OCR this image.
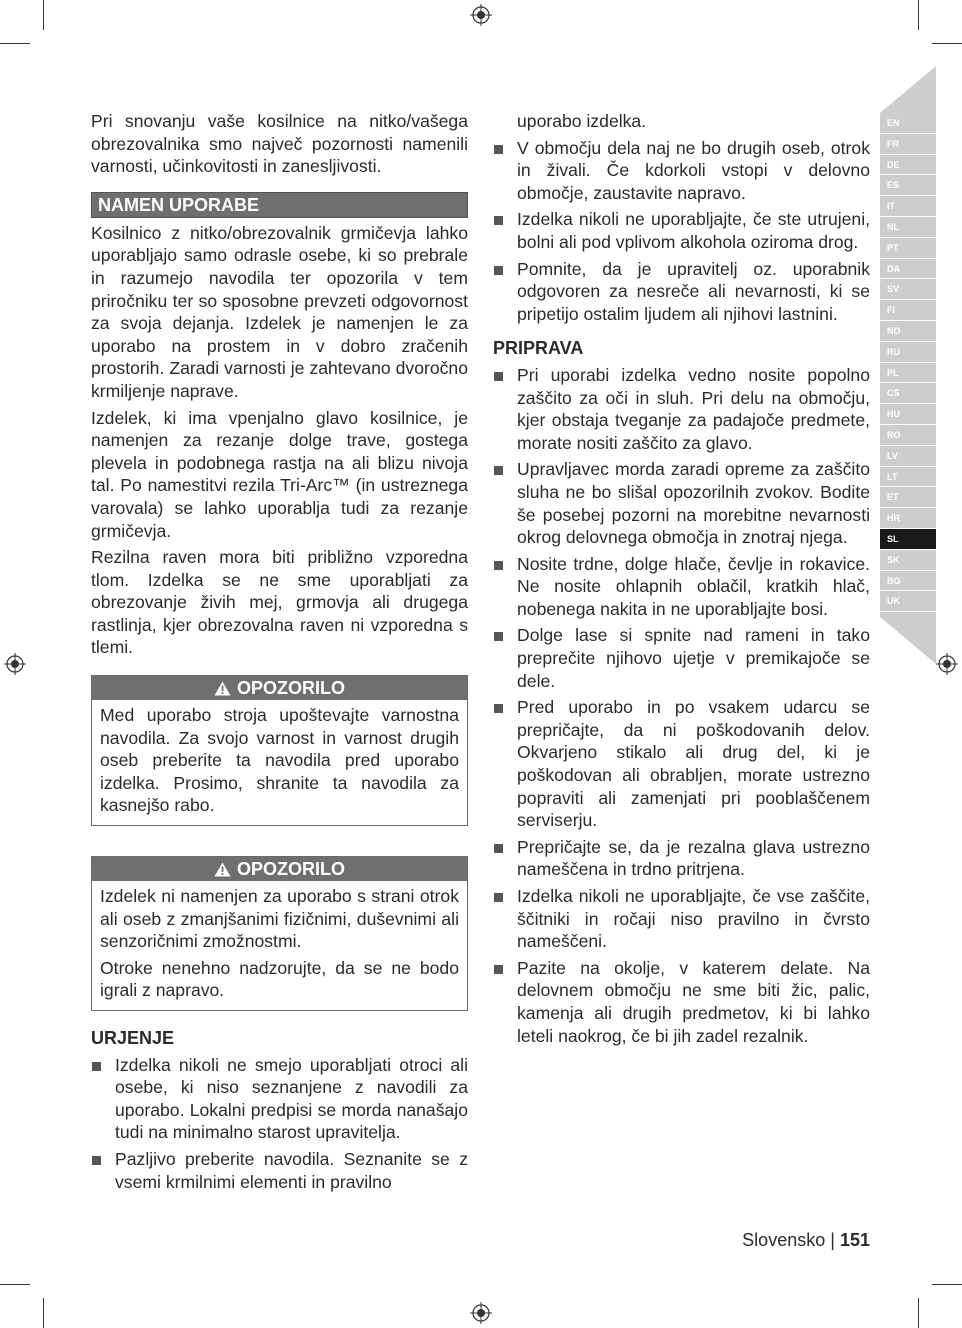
EN
FR
DE
ES
IT
NL
PT
DA
SV
FI
NO
RU
PL
CS
HU
RO
LV
LT
ET
HR
SL
SK
BG
UK

Pri snovanju vaše kosilnice na nitko/vašega obrezovalnika smo največ pozornosti namenili varnosti, učinkovitosti in zanesljivosti.

NAMEN UPORABE

Kosilnico z nitko/obrezovalnik grmičevja lahko uporabljajo samo odrasle osebe, ki so prebrale in razumejo navodila ter opozorila v tem priročniku ter so sposobne prevzeti odgovornost za svoja dejanja. Izdelek je namenjen le za uporabo na prostem in v dobro zračenih prostorih. Zaradi varnosti je zahtevano dvoročno krmiljenje naprave.

Izdelek, ki ima vpenjalno glavo kosilnice, je namenjen za rezanje dolge trave, gostega plevela in podobnega rastja na ali blizu nivoja tal. Po namestitvi rezila Tri-Arc™ (in ustreznega varovala) se lahko uporablja tudi za rezanje grmičevja.

Rezilna raven mora biti približno vzporedna tlom. Izdelka se ne sme uporabljati za obrezovanje živih mej, grmovja ali drugega rastlinja, kjer obrezovalna raven ni vzporedna s tlemi.

OPOZORILO

Med uporabo stroja upoštevajte varnostna navodila. Za svojo varnost in varnost drugih oseb preberite ta navodila pred uporabo izdelka. Prosimo, shranite ta navodila za kasnejšo rabo.

OPOZORILO

Izdelek ni namenjen za uporabo s strani otrok ali oseb z zmanjšanimi fizičnimi, duševnimi ali senzoričnimi zmožnostmi.

Otroke nenehno nadzorujte, da se ne bodo igrali z napravo.

URJENJE
Izdelka nikoli ne smejo uporabljati otroci ali osebe, ki niso seznanjene z navodili za uporabo. Lokalni predpisi se morda nanašajo tudi na minimalno starost upravitelja.
Pazljivo preberite navodila. Seznanite se z vsemi krmilnimi elementi in pravilno

uporabo izdelka.

V območju dela naj ne bo drugih oseb, otrok in živali. Če kdorkoli vstopi v delovno območje, zaustavite napravo.
Izdelka nikoli ne uporabljajte, če ste utrujeni, bolni ali pod vplivom alkohola oziroma drog.
Pomnite, da je upravitelj oz. uporabnik odgovoren za nesreče ali nevarnosti, ki se pripetijo ostalim ljudem ali njihovi lastnini.
PRIPRAVA
Pri uporabi izdelka vedno nosite popolno zaščito za oči in sluh. Pri delu na območju, kjer obstaja tveganje za padajoče predmete, morate nositi zaščito za glavo.
Upravljavec morda zaradi opreme za zaščito sluha ne bo slišal opozorilnih zvokov. Bodite še posebej pozorni na morebitne nevarnosti okrog delovnega območja in znotraj njega.
Nosite trdne, dolge hlače, čevlje in rokavice. Ne nosite ohlapnih oblačil, kratkih hlač, nobenega nakita in ne uporabljajte bosi.
Dolge lase si spnite nad rameni in tako preprečite njihovo ujetje v premikajoče se dele.
Pred uporabo in po vsakem udarcu se prepričajte, da ni poškodovanih delov. Okvarjeno stikalo ali drug del, ki je poškodovan ali obrabljen, morate ustrezno popraviti ali zamenjati pri pooblaščenem serviserju.
Prepričajte se, da je rezalna glava ustrezno nameščena in trdno pritrjena.
Izdelka nikoli ne uporabljajte, če vse zaščite, ščitniki in ročaji niso pravilno in čvrsto nameščeni.
Pazite na okolje, v katerem delate. Na delovnem območju ne sme biti žic, palic, kamenja ali drugih predmetov, ki bi lahko leteli naokrog, če bi jih zadel rezalnik.
Slovensko | 151
